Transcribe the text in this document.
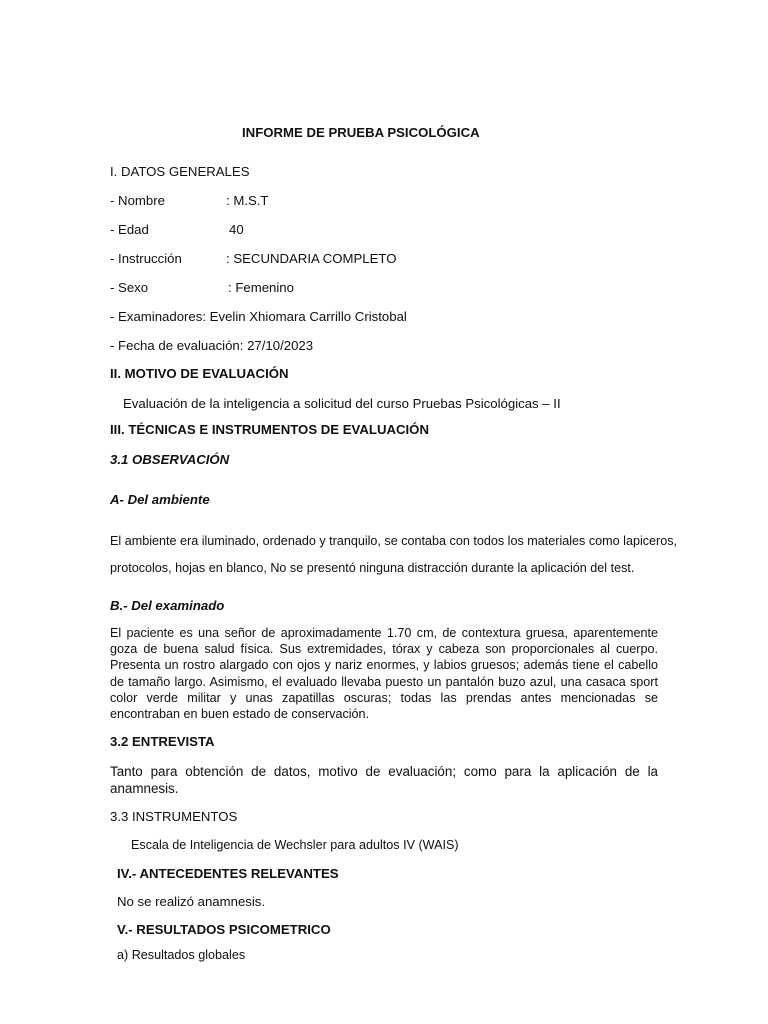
INFORME DE PRUEBA PSICOLÓGICA
I. DATOS GENERALES
- Nombre	: M.S.T
- Edad	40
- Instrucción	: SECUNDARIA COMPLETO
- Sexo	: Femenino
- Examinadores: Evelin Xhiomara Carrillo Cristobal
- Fecha de evaluación: 27/10/2023
II. MOTIVO DE EVALUACIÓN
Evaluación de la inteligencia a solicitud del curso Pruebas Psicológicas – II
III. TÉCNICAS E INSTRUMENTOS DE EVALUACIÓN
3.1 OBSERVACIÓN
A- Del ambiente
El ambiente era iluminado, ordenado y tranquilo, se contaba con todos los materiales como lapiceros,
protocolos, hojas en blanco, No se presentó ninguna distracción durante la aplicación del test.
B.- Del examinado
El paciente es una señor de aproximadamente 1.70 cm, de contextura gruesa, aparentemente goza de buena salud física. Sus extremidades, tórax y cabeza son proporcionales al cuerpo. Presenta un rostro alargado con ojos y nariz enormes, y labios gruesos; además tiene el cabello de tamaño largo. Asimismo, el evaluado llevaba puesto un pantalón buzo azul, una casaca sport color verde militar y unas zapatillas oscuras; todas las prendas antes mencionadas se encontraban en buen estado de conservación.
3.2 ENTREVISTA
Tanto para obtención de datos, motivo de evaluación; como para la aplicación de la anamnesis.
3.3 INSTRUMENTOS
Escala de Inteligencia de Wechsler para adultos IV (WAIS)
IV.- ANTECEDENTES RELEVANTES
No se realizó anamnesis.
V.- RESULTADOS PSICOMETRICO
a) Resultados globales
